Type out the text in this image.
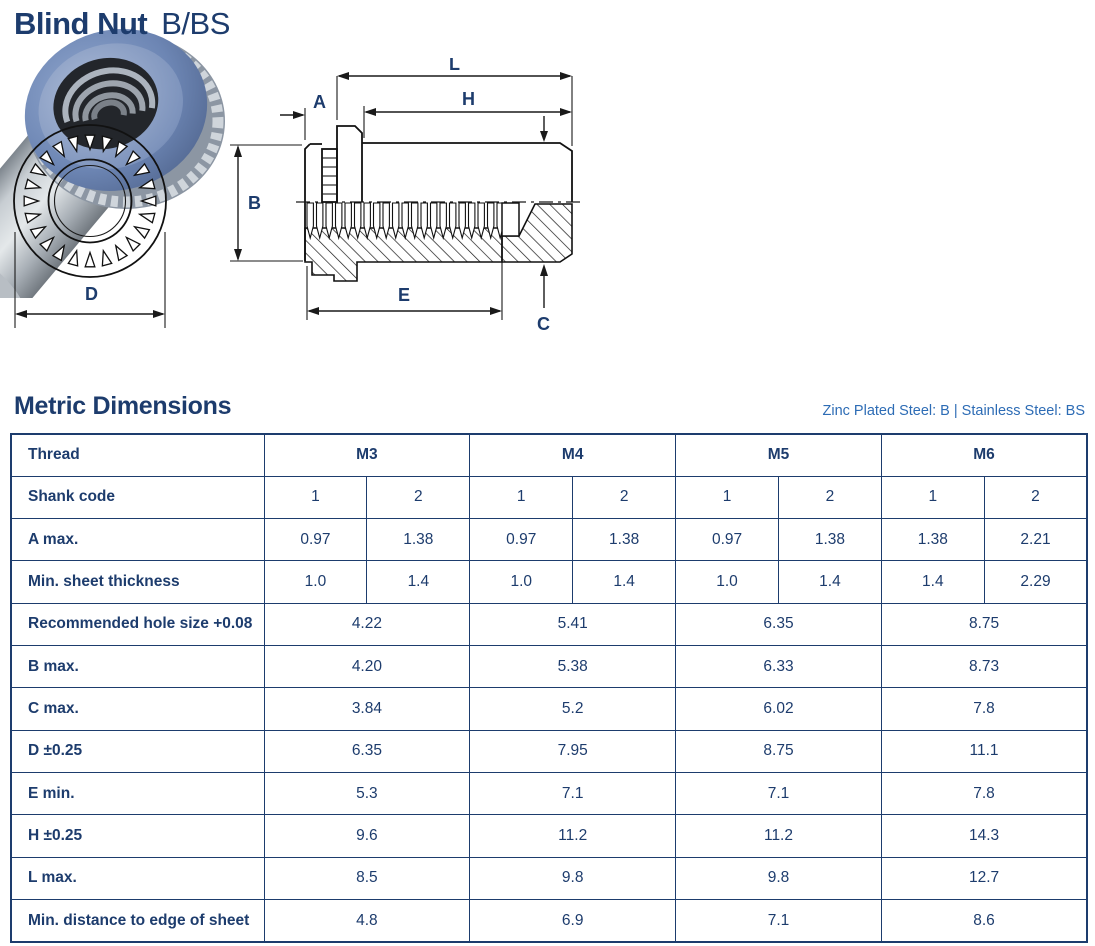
Blind Nut B/BS
D
L
H
A
B
E
C
Metric Dimensions	Zinc Plated Steel: B | Stainless Steel: BS
Thread	M3		M4		M5		M6	
Shank code	1	2	1	2	1	2	1	2
A max.	0.97	1.38	0.97	1.38	0.97	1.38	1.38	2.21
Min. sheet thickness	1.0	1.4	1.0	1.4	1.0	1.4	1.4	2.29
Recommended hole size +0.08	4.22		5.41		6.35		8.75	
B max.	4.20		5.38		6.33		8.73	
C max.	3.84		5.2		6.02		7.8	
D ±0.25	6.35		7.95		8.75		11.1	
E min.	5.3		7.1		7.1		7.8	
H ±0.25	9.6		11.2		11.2		14.3	
L max.	8.5		9.8		9.8		12.7	
Min. distance to edge of sheet	4.8		6.9		7.1		8.6	
